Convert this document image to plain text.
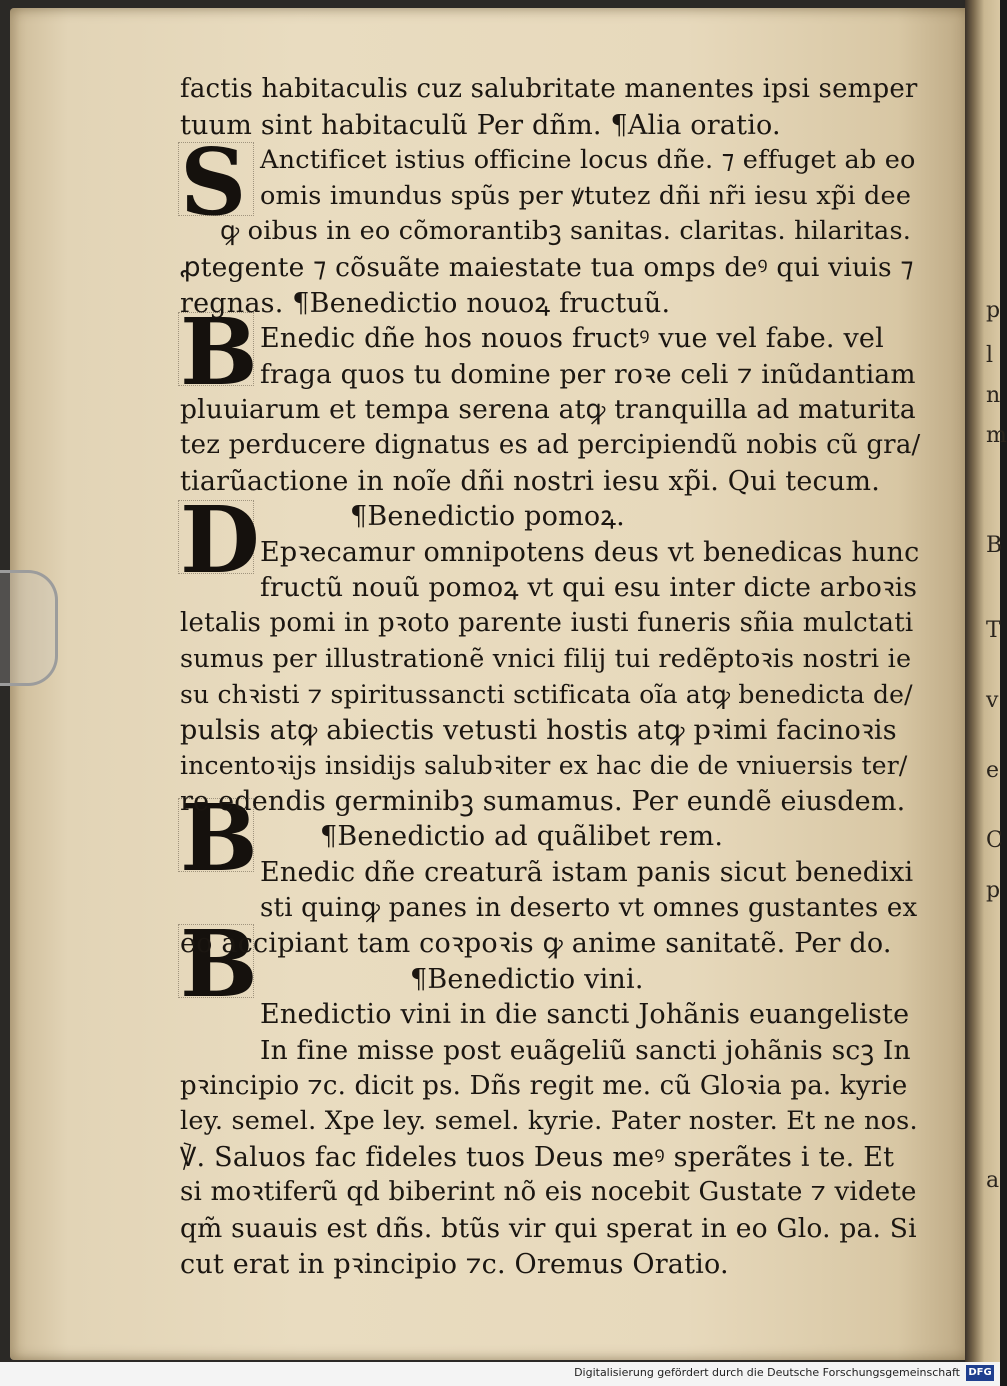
p
l
n
m
B
T
v
e
C
p
a
S
B
D
B
B
factis habitaculis cuz salubritate manentes ipsi semper
tuum sint habitaculũ Per dñm. ¶Alia oratio.
Anctificet istius officine locus dñe. ⁊ effuget ab eo
omis imundus spũs per ꝟtutez dñi nr̃i iesu xp̃i dee
ꝙ oibus in eo cõmorantibꝫ sanitas. claritas. hilaritas.
ꝓtegente ⁊ cõsuãte maiestate tua omps deꝰ qui viuis ⁊
regnas. ¶Benedictio nouoꝝ fructuũ.
Enedic dñe hos nouos fructꝰ vue vel fabe. vel
fraga quos tu domine per roꝛe celi ⁊ inũdantiam
pluuiarum et tempa serena atꝙ tranquilla ad maturita
tez perducere dignatus es ad percipiendũ nobis cũ gra/
tiarũactione in noĩe dñi nostri iesu xp̃i. Qui tecum.
¶Benedictio pomoꝝ.
Epꝛecamur omnipotens deus vt benedicas hunc
fructũ nouũ pomoꝝ vt qui esu inter dicte arboꝛis
letalis pomi in pꝛoto parente iusti funeris sñia mulctati
sumus per illustrationẽ vnici filij tui redẽptoꝛis nostri ie
su chꝛisti ⁊ spiritussancti sctificata oĩa atꝙ benedicta de/
pulsis atꝙ abiectis vetusti hostis atꝙ pꝛimi facinoꝛis
incentoꝛijs insidijs salubꝛiter ex hac die de vniuersis ter/
re edendis germinibꝫ sumamus. Per eundẽ eiusdem.
¶Benedictio ad quãlibet rem.
Enedic dñe creaturã istam panis sicut benedixi
sti quinꝙ panes in deserto vt omnes gustantes ex
eo accipiant tam coꝛpoꝛis ꝙ anime sanitatẽ. Per do.
¶Benedictio vini.
Enedictio vini in die sancti Johãnis euangeliste
In fine misse post euãgeliũ sancti johãnis scꝫ In
pꝛincipio ⁊c. dicit ps. Dñs regit me. cũ Gloꝛia pa. kyrie
ley. semel. Xpe ley. semel. kyrie. Pater noster. Et ne nos.
℣. Saluos fac fideles tuos Deus meꝰ sperãtes i te. Et
si moꝛtiferũ qd biberint nõ eis nocebit Gustate ⁊ videte
qm̃ suauis est dñs. btũs vir qui sperat in eo Glo. pa. Si
cut erat in pꝛincipio ⁊c. Oremus Oratio.
Digitalisierung gefördert durch die Deutsche Forschungsgemeinschaft DFG
